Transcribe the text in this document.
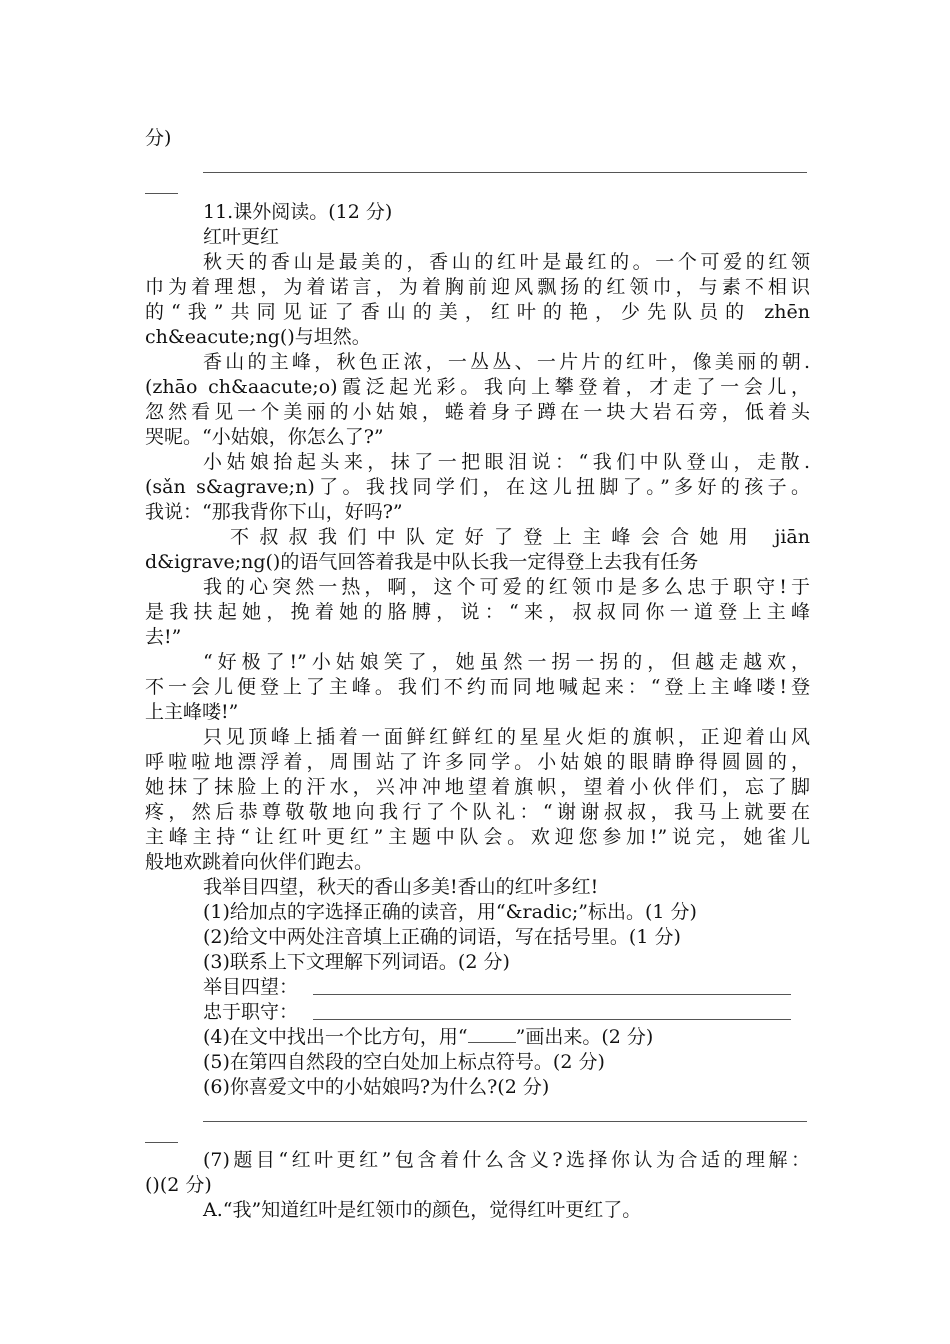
分)
11.课外阅读。(12 分)
红叶更红
秋天的香山是最美的，香山的红叶是最红的。一个可爱的红领
巾为着理想，为着诺言，为着胸前迎风飘扬的红领巾，与素不相识
的“我”共同见证了香山的美，红叶的艳，少先队员的 zhēn
ch&eacute;ng()与坦然。
香山的主峰，秋色正浓，一丛丛、一片片的红叶，像美丽的朝.
(zhāo ch&aacute;o)霞泛起光彩。我向上攀登着，才走了一会儿，
忽然看见一个美丽的小姑娘，蜷着身子蹲在一块大岩石旁，低着头
哭呢。“小姑娘，你怎么了?”
小姑娘抬起头来，抹了一把眼泪说：“我们中队登山，走散.
(sǎn s&agrave;n)了。我找同学们，在这儿扭脚了。”多好的孩子。
我说：“那我背你下山，好吗?”
不叔叔我们中队定好了登上主峰会合她用 jiān
d&igrave;ng()的语气回答着我是中队长我一定得登上去我有任务
我的心突然一热，啊，这个可爱的红领巾是多么忠于职守!于
是我扶起她，挽着她的胳膊，说：“来，叔叔同你一道登上主峰
去!”
“好极了!”小姑娘笑了，她虽然一拐一拐的，但越走越欢，
不一会儿便登上了主峰。我们不约而同地喊起来：“登上主峰喽!登
上主峰喽!”
只见顶峰上插着一面鲜红鲜红的星星火炬的旗帜，正迎着山风
呼啦啦地漂浮着，周围站了许多同学。小姑娘的眼睛睁得圆圆的，
她抹了抹脸上的汗水，兴冲冲地望着旗帜，望着小伙伴们，忘了脚
疼，然后恭尊敬敬地向我行了个队礼：“谢谢叔叔，我马上就要在
主峰主持“让红叶更红”主题中队会。欢迎您参加!”说完，她雀儿
般地欢跳着向伙伴们跑去。
我举目四望，秋天的香山多美!香山的红叶多红!
(1)给加点的字选择正确的读音，用“&radic;”标出。(1 分)
(2)给文中两处注音填上正确的词语，写在括号里。(1 分)
(3)联系上下文理解下列词语。(2 分)
举目四望：
忠于职守：
(4)在文中找出一个比方句，用“	”画出来。(2 分)
(5)在第四自然段的空白处加上标点符号。(2 分)
(6)你喜爱文中的小姑娘吗?为什么?(2 分)
(7)题目“红叶更红”包含着什么含义?选择你认为合适的理解：
()(2 分)
A.“我”知道红叶是红领巾的颜色，觉得红叶更红了。
